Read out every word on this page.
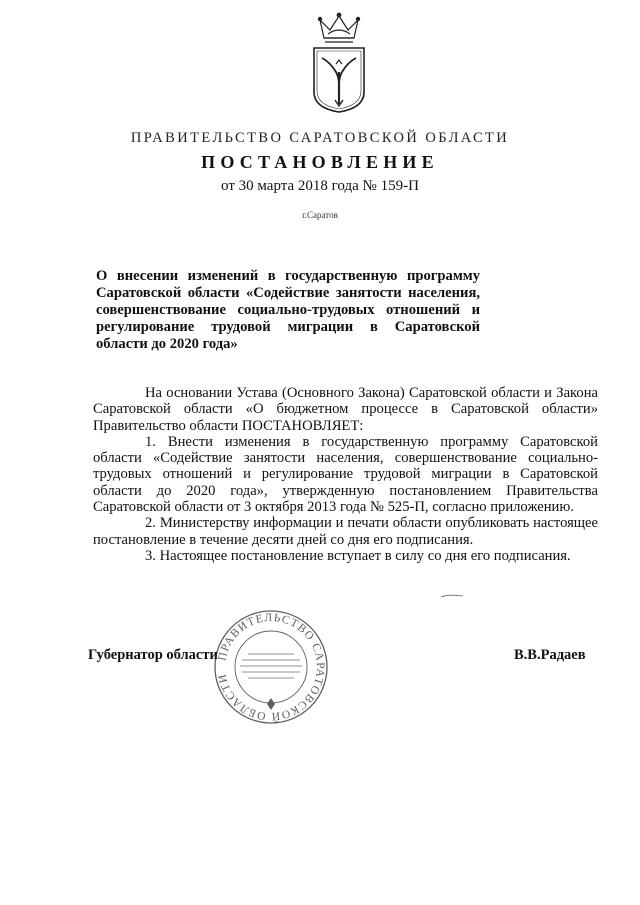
ПРАВИТЕЛЬСТВО САРАТОВСКОЙ ОБЛАСТИ
ПОСТАНОВЛЕНИЕ
от 30 марта 2018 года № 159-П
г.Саратов
О внесении изменений в государственную программу Саратовской области «Содействие занятости населения, совершенствование социально-трудовых отношений и регулирование трудовой миграции в Саратовской области до 2020 года»

На основании Устава (Основного Закона) Саратовской области и Закона Саратовской области «О бюджетном процессе в Саратовской области» Правительство области ПОСТАНОВЛЯЕТ:

1. Внести изменения в государственную программу Саратовской области «Содействие занятости населения, совершенствование социально-трудовых отношений и регулирование трудовой миграции в Саратовской области до 2020 года», утвержденную постановлением Правительства Саратовской области от 3 октября 2013 года № 525-П, согласно приложению.

2. Министерству информации и печати области опубликовать настоящее постановление в течение десяти дней со дня его подписания.

3. Настоящее постановление вступает в силу со дня его подписания.

ПРАВИТЕЛЬСТВО САРАТОВСКОЙ ОБЛАСТИ
Губернатор области	В.В.Радаев
